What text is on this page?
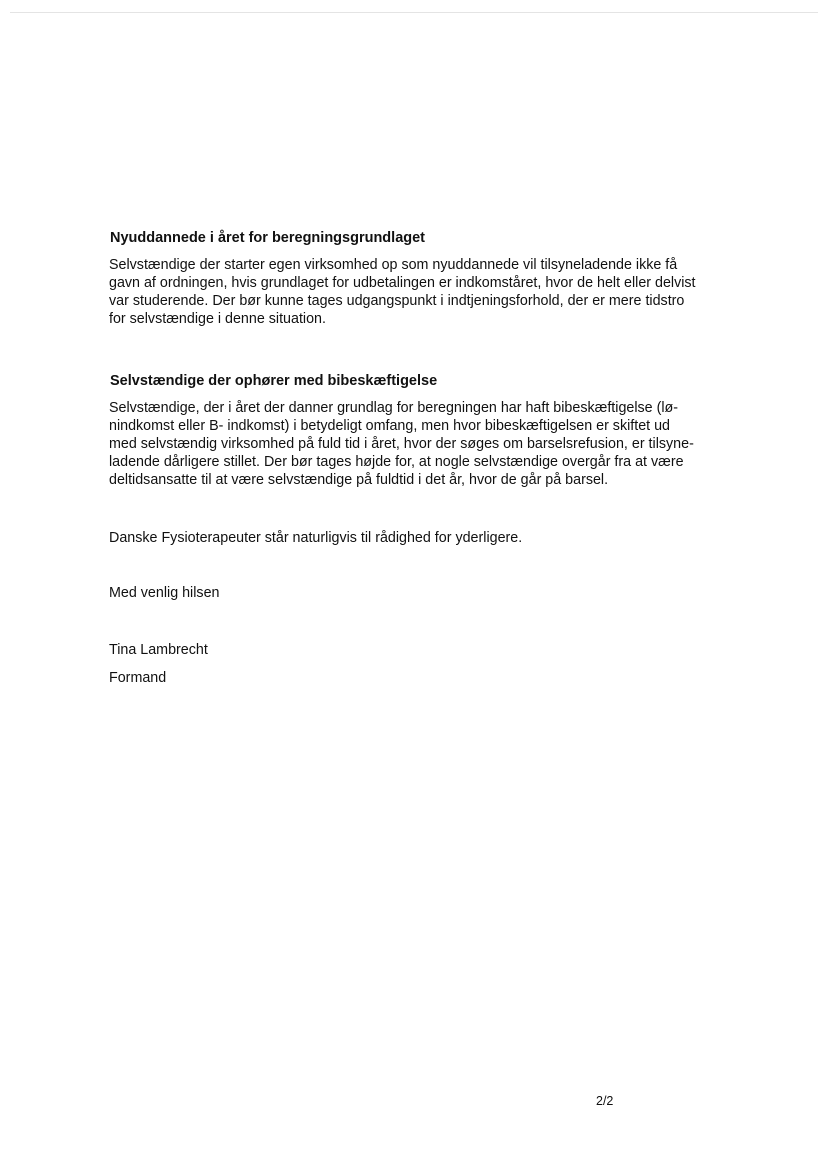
Nyuddannede i året for beregningsgrundlaget

Selvstændige der starter egen virksomhed op som nyuddannede vil tilsyneladende ikke få
gavn af ordningen, hvis grundlaget for udbetalingen er indkomståret, hvor de helt eller delvist
var studerende. Der bør kunne tages udgangspunkt i indtjeningsforhold, der er mere tidstro
for selvstændige i denne situation.

Selvstændige der ophører med bibeskæftigelse

Selvstændige, der i året der danner grundlag for beregningen har haft bibeskæftigelse (lø-
nindkomst eller B- indkomst) i betydeligt omfang, men hvor bibeskæftigelsen er skiftet ud
med selvstændig virksomhed på fuld tid i året, hvor der søges om barselsrefusion, er tilsyne-
ladende dårligere stillet. Der bør tages højde for, at nogle selvstændige overgår fra at være
deltidsansatte til at være selvstændige på fuldtid i det år, hvor de går på barsel.

Danske Fysioterapeuter står naturligvis til rådighed for yderligere.

Med venlig hilsen

Tina Lambrecht

Formand

2/2
